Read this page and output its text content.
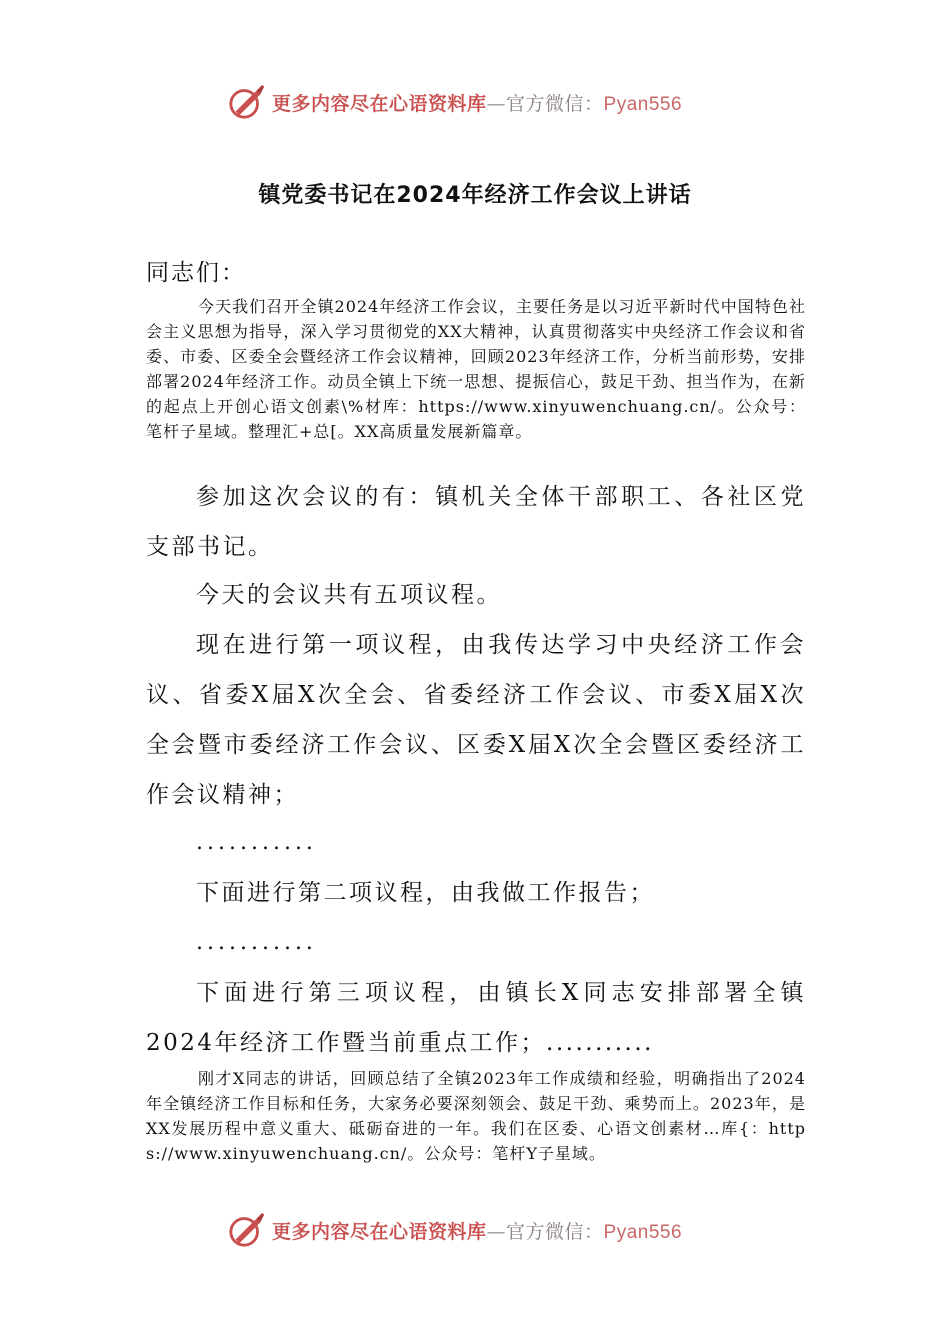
更多内容尽在心语资料库—官方微信：Pyan556
镇党委书记在2024年经济工作会议上讲话
同志们：

今天我们召开全镇2024年经济工作会议，主要任务是以习近平新时代中国特色社会主义思想为指导，深入学习贯彻党的XX大精神，认真贯彻落实中央经济工作会议和省委、市委、区委全会暨经济工作会议精神，回顾2023年经济工作，分析当前形势，安排部署2024年经济工作。动员全镇上下统一思想、提振信心，鼓足干劲、担当作为，在新的起点上开创心语文创素\%材库：https://www.xinyuwenchuang.cn/。公众号：笔杆子星域。整理汇+总[。XX高质量发展新篇章。

参加这次会议的有：镇机关全体干部职工、各社区党支部书记。

今天的会议共有五项议程。

现在进行第一项议程，由我传达学习中央经济工作会议、省委X届X次全会、省委经济工作会议、市委X届X次全会暨市委经济工作会议、区委X届X次全会暨区委经济工作会议精神；

...........

下面进行第二项议程，由我做工作报告；

...........

下面进行第三项议程，由镇长X同志安排部署全镇2024年经济工作暨当前重点工作；...........

刚才X同志的讲话，回顾总结了全镇2023年工作成绩和经验，明确指出了2024年全镇经济工作目标和任务，大家务必要深刻领会、鼓足干劲、乘势而上。2023年，是XX发展历程中意义重大、砥砺奋进的一年。我们在区委、心语文创素材…库{：https://www.xinyuwenchuang.cn/。公众号：笔杆Y子星域。

更多内容尽在心语资料库—官方微信：Pyan556
